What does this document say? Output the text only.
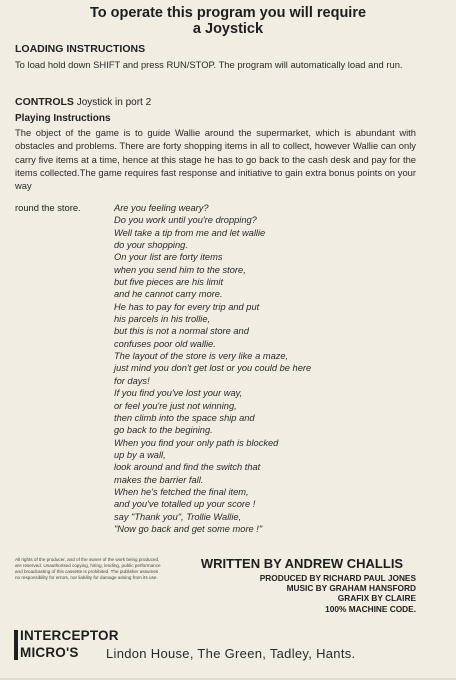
To operate this program you will require
a Joystick
LOADING INSTRUCTIONS
To load hold down SHIFT and press RUN/STOP. The program will automatically load and run.
CONTROLS Joystick in port 2
Playing Instructions
The object of the game is to guide Wallie around the supermarket, which is abundant with obstacles and problems. There are forty shopping items in all to collect, however Wallie can only carry five items at a time, hence at this stage he has to go back to the cash desk and pay for the items collected.The game requires fast response and initiative to gain extra bonus points on your way
round the store.	Are you feeling weary?
Do you work until you're dropping?
Well take a tip from me and let wallie
do your shopping.
On your list are forty items
when you send him to the store,
but five pieces are his limit
and he cannot carry more.
He has to pay for every trip and put
his parcels in his trollie,
but this is not a normal store and
confuses poor old wallie.
The layout of the store is very like a maze,
just mind you don't get lost or you could be here
for days!
If you find you've lost your way,
or feel you're just not winning,
then climb into the space ship and
go back to the begining.
When you find your only path is blocked
up by a wall,
look around and find the switch that
makes the barrier fall.
When he's fetched the final item,
and you've totalled up your score !
say "Thank you", Trollie Wallie,
"Now go back and get some more !"
All rights of the producer, and of the owner of the work being produced, are reserved. Unauthorised copying, hiring, lending, public performance and broadcasting of this cassette is prohibited. The publisher assumes no responsibility for errors, nor liability for damage arising from its use.
WRITTEN BY ANDREW CHALLIS
PRODUCED BY RICHARD PAUL JONES
MUSIC BY GRAHAM HANSFORD
GRAFIX BY CLAIRE
100% MACHINE CODE.
INTERCEPTOR
MICRO'S Lindon House, The Green, Tadley, Hants.
